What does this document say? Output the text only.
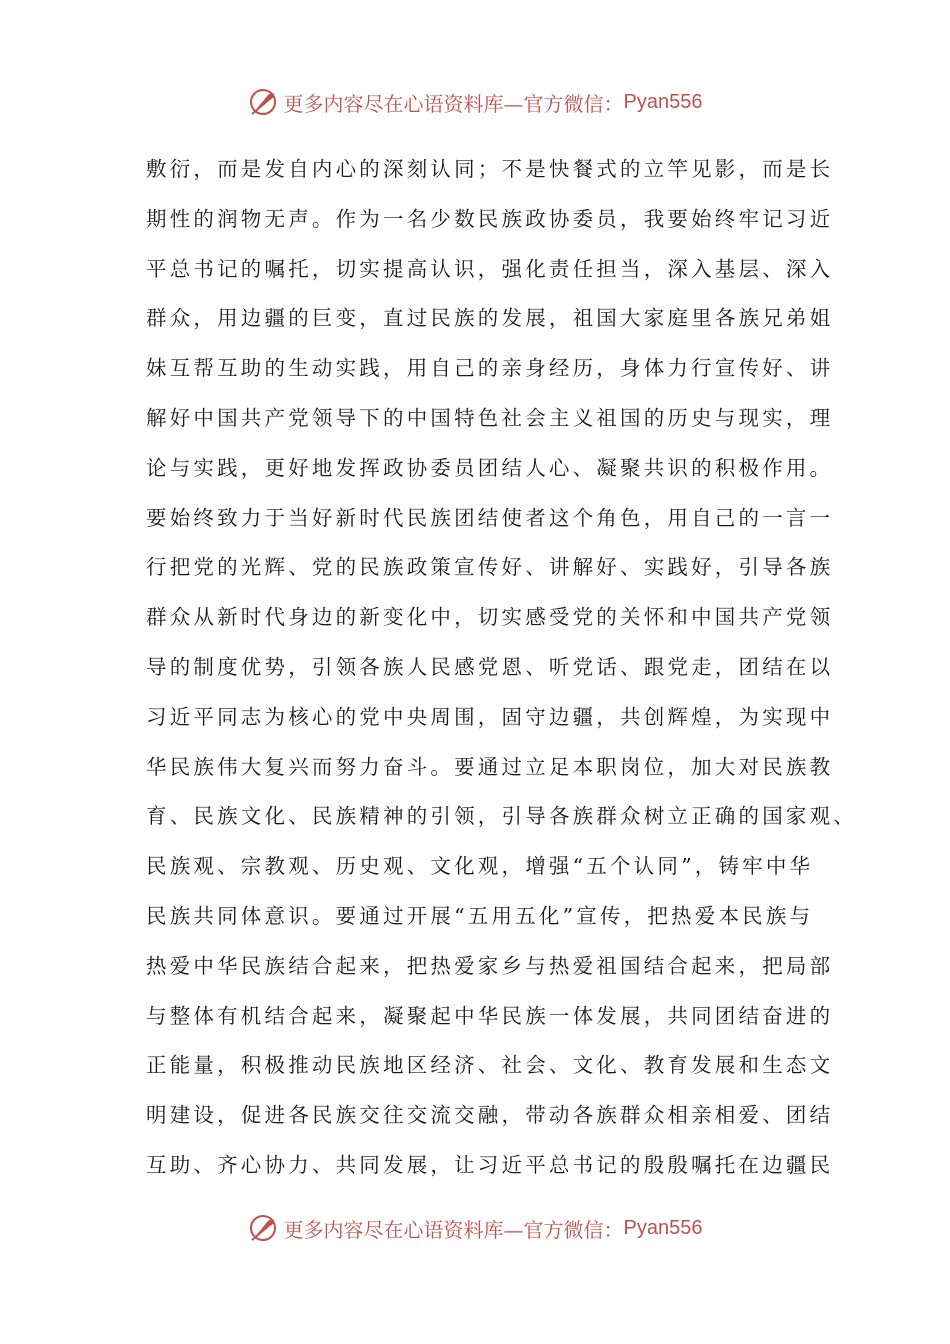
更多内容尽在心语资料库—官方微信： Pyan556
敷衍，而是发自内心的深刻认同；不是快餐式的立竿见影，而是长
期性的润物无声。作为一名少数民族政协委员，我要始终牢记习近
平总书记的嘱托，切实提高认识，强化责任担当，深入基层、深入
群众，用边疆的巨变，直过民族的发展，祖国大家庭里各族兄弟姐
妹互帮互助的生动实践，用自己的亲身经历，身体力行宣传好、讲
解好中国共产党领导下的中国特色社会主义祖国的历史与现实，理
论与实践，更好地发挥政协委员团结人心、凝聚共识的积极作用。
要始终致力于当好新时代民族团结使者这个角色，用自己的一言一
行把党的光辉、党的民族政策宣传好、讲解好、实践好，引导各族
群众从新时代身边的新变化中，切实感受党的关怀和中国共产党领
导的制度优势，引领各族人民感党恩、听党话、跟党走，团结在以
习近平同志为核心的党中央周围，固守边疆，共创辉煌，为实现中
华民族伟大复兴而努力奋斗。要通过立足本职岗位，加大对民族教
育、民族文化、民族精神的引领，引导各族群众树立正确的国家观、
民族观、宗教观、历史观、文化观，增强“五个认同”，铸牢中华
民族共同体意识。要通过开展“五用五化”宣传，把热爱本民族与
热爱中华民族结合起来，把热爱家乡与热爱祖国结合起来，把局部
与整体有机结合起来，凝聚起中华民族一体发展，共同团结奋进的
正能量，积极推动民族地区经济、社会、文化、教育发展和生态文
明建设，促进各民族交往交流交融，带动各族群众相亲相爱、团结
互助、齐心协力、共同发展，让习近平总书记的殷殷嘱托在边疆民
更多内容尽在心语资料库—官方微信： Pyan556
